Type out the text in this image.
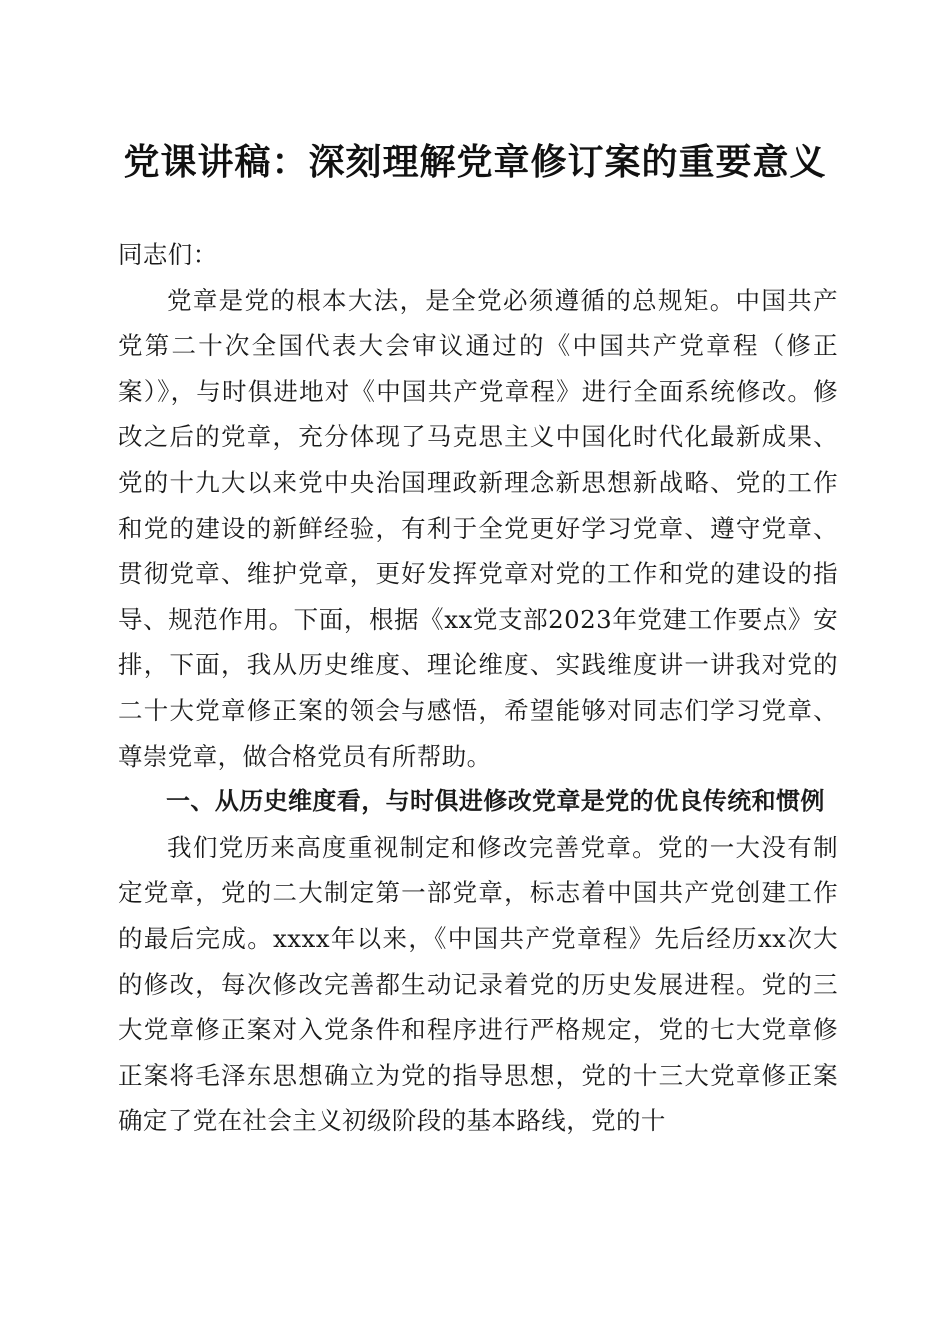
党课讲稿：深刻理解党章修订案的重要意义

同志们：

党章是党的根本大法，是全党必须遵循的总规矩。中国共产党第二十次全国代表大会审议通过的《中国共产党章程（修正案）》，与时俱进地对《中国共产党章程》进行全面系统修改。修改之后的党章，充分体现了马克思主义中国化时代化最新成果、党的十九大以来党中央治国理政新理念新思想新战略、党的工作和党的建设的新鲜经验，有利于全党更好学习党章、遵守党章、贯彻党章、维护党章，更好发挥党章对党的工作和党的建设的指导、规范作用。下面，根据《xx党支部2023年党建工作要点》安排，下面，我从历史维度、理论维度、实践维度讲一讲我对党的二十大党章修正案的领会与感悟，希望能够对同志们学习党章、尊崇党章，做合格党员有所帮助。

一、从历史维度看，与时俱进修改党章是党的优良传统和惯例

我们党历来高度重视制定和修改完善党章。党的一大没有制定党章，党的二大制定第一部党章，标志着中国共产党创建工作的最后完成。xxxx年以来，《中国共产党章程》先后经历xx次大的修改，每次修改完善都生动记录着党的历史发展进程。党的三大党章修正案对入党条件和程序进行严格规定，党的七大党章修正案将毛泽东思想确立为党的指导思想，党的十三大党章修正案确定了党在社会主义初级阶段的基本路线，党的十
